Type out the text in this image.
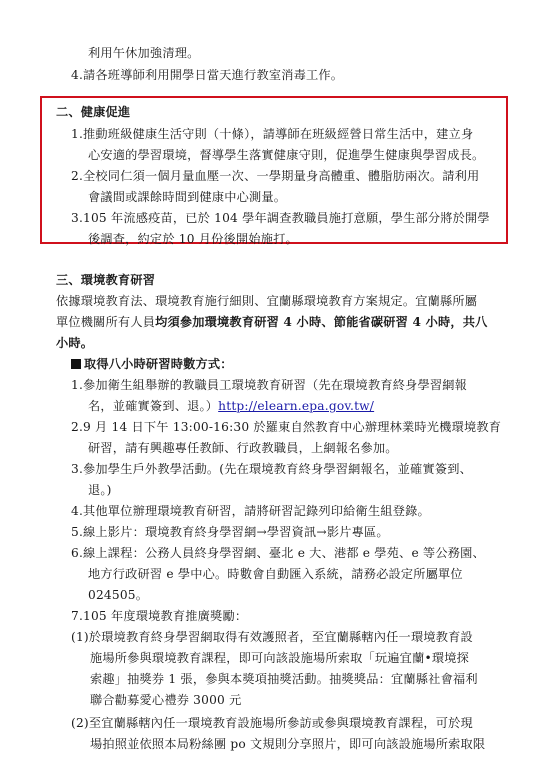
利用午休加強清理。
4.請各班導師利用開學日當天進行教室消毒工作。
二、健康促進
1.推動班級健康生活守則（十條），請導師在班級經營日常生活中，建立身
心安適的學習環境，督導學生落實健康守則，促進學生健康與學習成長。
2.全校同仁須一個月量血壓一次、一學期量身高體重、體脂肪兩次。請利用
會議間或課餘時間到健康中心測量。
3.105 年流感疫苗，已於 104 學年調查教職員施打意願，學生部分將於開學
後調查，約定於 10 月份後開始施打。
三、環境教育研習
依據環境教育法、環境教育施行細則、宜蘭縣環境教育方案規定。宜蘭縣所屬
單位機關所有人員均須參加環境教育研習 4 小時、節能省碳研習 4 小時，共八
小時。
取得八小時研習時數方式：
1.參加衛生組舉辦的教職員工環境教育研習（先在環境教育終身學習網報
名，並確實簽到、退。）http://elearn.epa.gov.tw/
2.9 月 14 日下午 13:00-16:30 於羅東自然教育中心辦理林業時光機環境教育
研習，請有興趣專任教師、行政教職員，上網報名參加。
3.參加學生戶外教學活動。(先在環境教育終身學習網報名，並確實簽到、
退。)
4.其他單位辦理環境教育研習，請將研習記錄列印給衛生組登錄。
5.線上影片：環境教育終身學習網→學習資訊→影片專區。
6.線上課程：公務人員終身學習網、臺北 e 大、港都 e 學苑、e 等公務園、
地方行政研習 e 學中心。時數會自動匯入系統，請務必設定所屬單位
024505。
7.105 年度環境教育推廣獎勵：
(1)於環境教育終身學習網取得有效護照者，至宜蘭縣轄內任一環境教育設
施場所參與環境教育課程，即可向該設施場所索取「玩遍宜蘭•環境探
索趣」抽獎券 1 張，參與本獎項抽獎活動。抽獎獎品：宜蘭縣社會福利
聯合勸募愛心禮券 3000 元
(2)至宜蘭縣轄內任一環境教育設施場所參訪或參與環境教育課程，可於現
場拍照並依照本局粉絲團 po 文規則分享照片，即可向該設施場所索取限
